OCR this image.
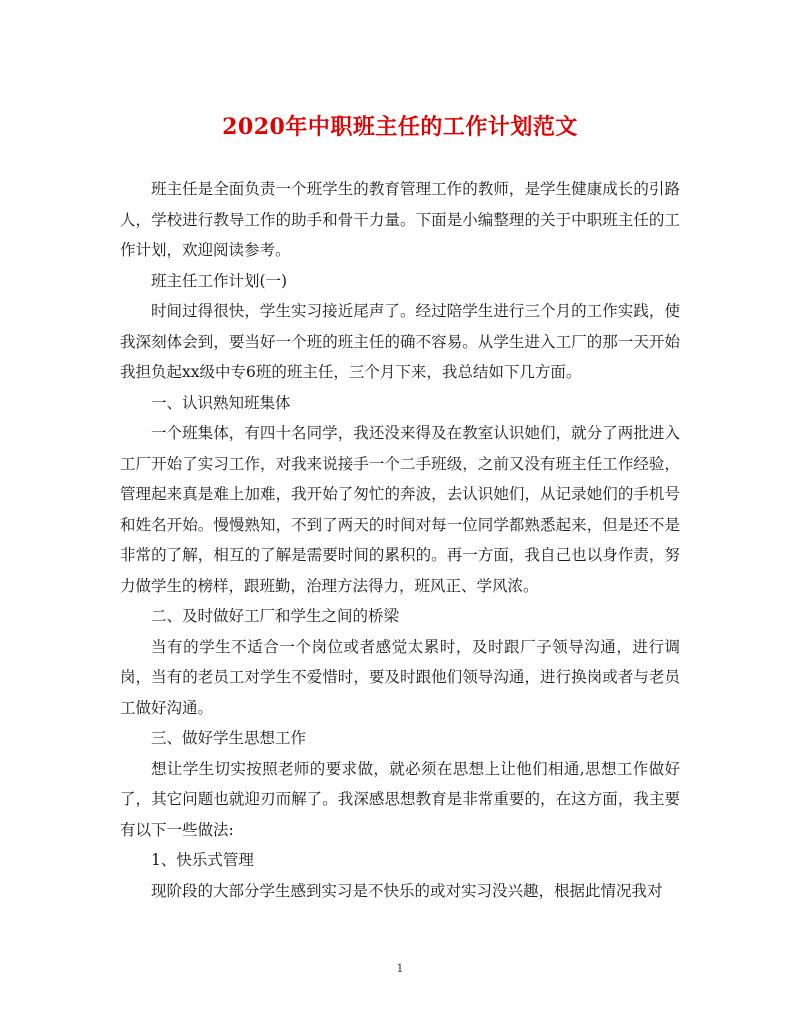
2020年中职班主任的工作计划范文

班主任是全面负责一个班学生的教育管理工作的教师，是学生健康成长的引路人，学校进行教导工作的助手和骨干力量。下面是小编整理的关于中职班主任的工作计划，欢迎阅读参考。

班主任工作计划(一)

时间过得很快，学生实习接近尾声了。经过陪学生进行三个月的工作实践，使我深刻体会到，要当好一个班的班主任的确不容易。从学生进入工厂的那一天开始我担负起xx级中专6班的班主任，三个月下来，我总结如下几方面。

一、认识熟知班集体

一个班集体，有四十名同学，我还没来得及在教室认识她们，就分了两批进入工厂开始了实习工作，对我来说接手一个二手班级，之前又没有班主任工作经验，管理起来真是难上加难，我开始了匆忙的奔波，去认识她们，从记录她们的手机号和姓名开始。慢慢熟知，不到了两天的时间对每一位同学都熟悉起来，但是还不是非常的了解，相互的了解是需要时间的累积的。再一方面，我自己也以身作责，努力做学生的榜样，跟班勤，治理方法得力，班风正、学风浓。

二、及时做好工厂和学生之间的桥梁

当有的学生不适合一个岗位或者感觉太累时，及时跟厂子领导沟通，进行调岗，当有的老员工对学生不爱惜时，要及时跟他们领导沟通，进行换岗或者与老员工做好沟通。

三、做好学生思想工作

想让学生切实按照老师的要求做，就必须在思想上让他们相通,思想工作做好了，其它问题也就迎刃而解了。我深感思想教育是非常重要的，在这方面，我主要有以下一些做法:

1、快乐式管理

现阶段的大部分学生感到实习是不快乐的或对实习没兴趣，根据此情况我对

1
